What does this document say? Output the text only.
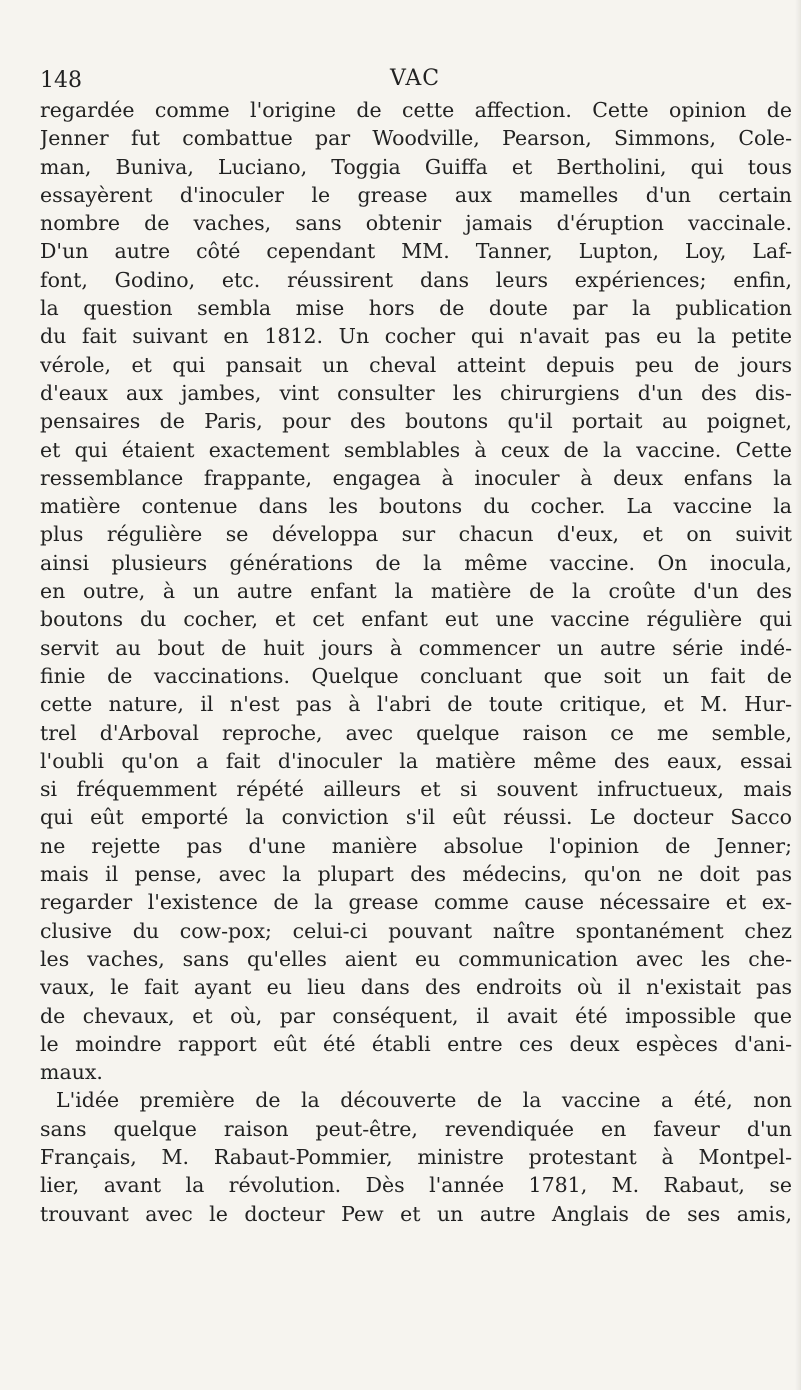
148	VAC
regardée comme l'origine de cette affection. Cette opinion de
Jenner fut combattue par Woodville, Pearson, Simmons, Cole-
man, Buniva, Luciano, Toggia Guiffa et Bertholini, qui tous
essayèrent d'inoculer le grease aux mamelles d'un certain
nombre de vaches, sans obtenir jamais d'éruption vaccinale.
D'un autre côté cependant MM. Tanner, Lupton, Loy, Laf-
font, Godino, etc. réussirent dans leurs expériences; enfin,
la question sembla mise hors de doute par la publication
du fait suivant en 1812. Un cocher qui n'avait pas eu la petite
vérole, et qui pansait un cheval atteint depuis peu de jours
d'eaux aux jambes, vint consulter les chirurgiens d'un des dis-
pensaires de Paris, pour des boutons qu'il portait au poignet,
et qui étaient exactement semblables à ceux de la vaccine. Cette
ressemblance frappante, engagea à inoculer à deux enfans la
matière contenue dans les boutons du cocher. La vaccine la
plus régulière se développa sur chacun d'eux, et on suivit
ainsi plusieurs générations de la même vaccine. On inocula,
en outre, à un autre enfant la matière de la croûte d'un des
boutons du cocher, et cet enfant eut une vaccine régulière qui
servit au bout de huit jours à commencer un autre série indé-
finie de vaccinations. Quelque concluant que soit un fait de
cette nature, il n'est pas à l'abri de toute critique, et M. Hur-
trel d'Arboval reproche, avec quelque raison ce me semble,
l'oubli qu'on a fait d'inoculer la matière même des eaux, essai
si fréquemment répété ailleurs et si souvent infructueux, mais
qui eût emporté la conviction s'il eût réussi. Le docteur Sacco
ne rejette pas d'une manière absolue l'opinion de Jenner;
mais il pense, avec la plupart des médecins, qu'on ne doit pas
regarder l'existence de la grease comme cause nécessaire et ex-
clusive du cow-pox; celui-ci pouvant naître spontanément chez
les vaches, sans qu'elles aient eu communication avec les che-
vaux, le fait ayant eu lieu dans des endroits où il n'existait pas
de chevaux, et où, par conséquent, il avait été impossible que
le moindre rapport eût été établi entre ces deux espèces d'ani-
maux.
L'idée première de la découverte de la vaccine a été, non
sans quelque raison peut-être, revendiquée en faveur d'un
Français, M. Rabaut-Pommier, ministre protestant à Montpel-
lier, avant la révolution. Dès l'année 1781, M. Rabaut, se
trouvant avec le docteur Pew et un autre Anglais de ses amis,
